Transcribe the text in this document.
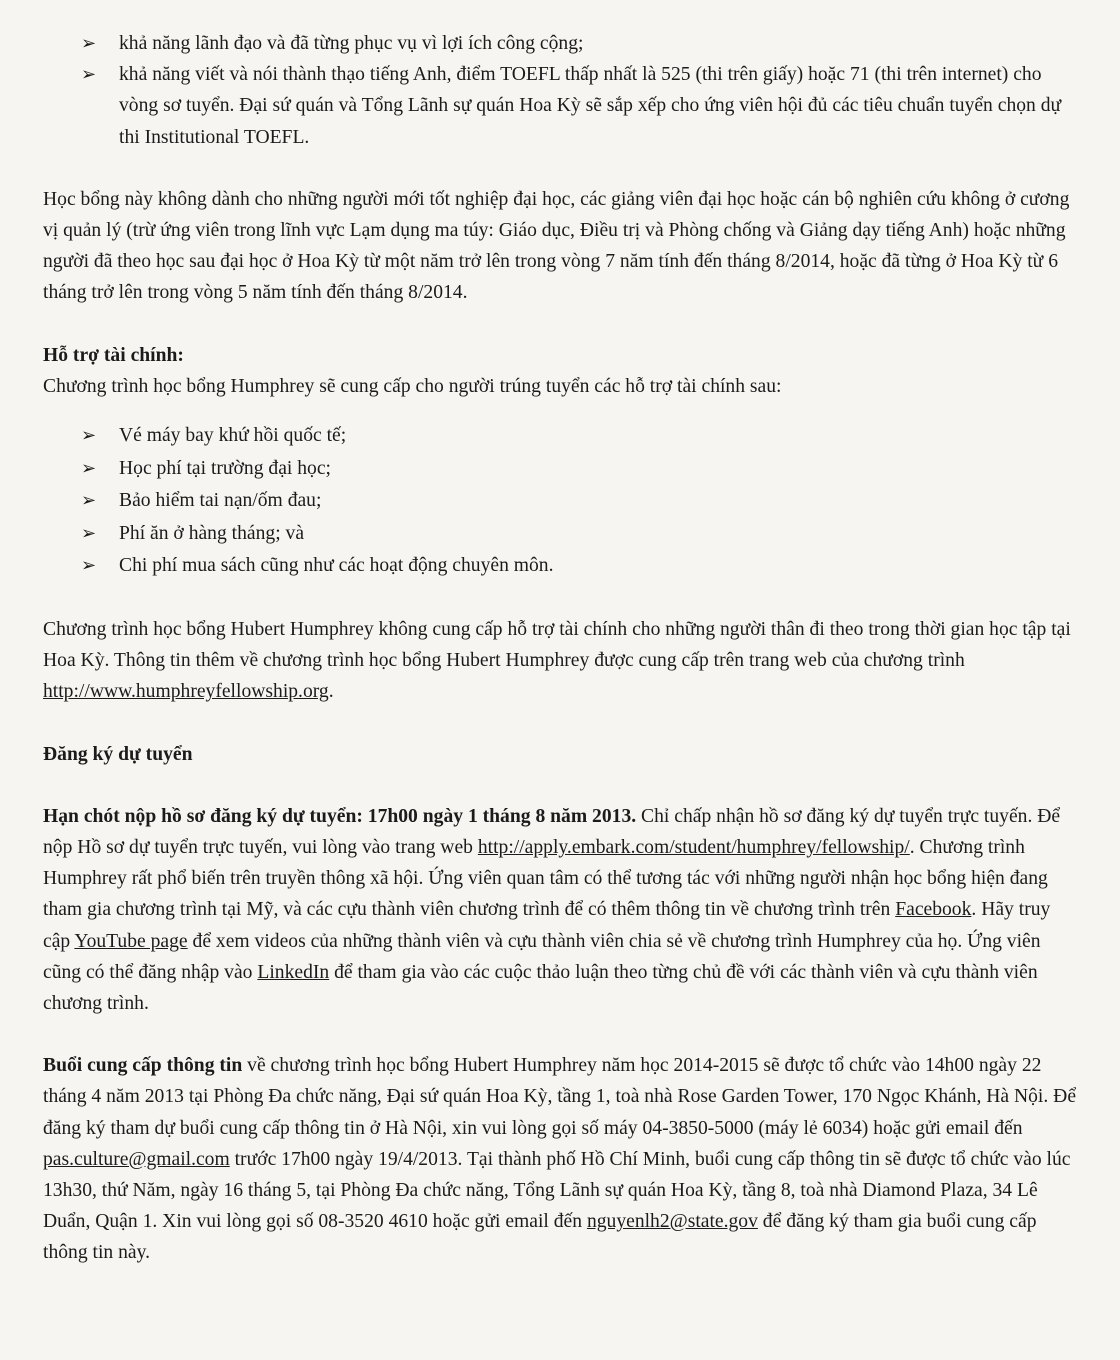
➢ khả năng lãnh đạo và đã từng phục vụ vì lợi ích công cộng;
➢ khả năng viết và nói thành thạo tiếng Anh, điểm TOEFL thấp nhất là 525 (thi trên giấy) hoặc 71 (thi trên internet) cho vòng sơ tuyển. Đại sứ quán và Tổng Lãnh sự quán Hoa Kỳ sẽ sắp xếp cho ứng viên hội đủ các tiêu chuẩn tuyển chọn dự thi Institutional TOEFL.

Học bổng này không dành cho những người mới tốt nghiệp đại học, các giảng viên đại học hoặc cán bộ nghiên cứu không ở cương vị quản lý (trừ ứng viên trong lĩnh vực Lạm dụng ma túy: Giáo dục, Điều trị và Phòng chống và Giảng dạy tiếng Anh) hoặc những người đã theo học sau đại học ở Hoa Kỳ từ một năm trở lên trong vòng 7 năm tính đến tháng 8/2014, hoặc đã từng ở Hoa Kỳ từ 6 tháng trở lên trong vòng 5 năm tính đến tháng 8/2014.

Hỗ trợ tài chính:

Chương trình học bổng Humphrey sẽ cung cấp cho người trúng tuyển các hỗ trợ tài chính sau:

➢ Vé máy bay khứ hồi quốc tế;
➢ Học phí tại trường đại học;
➢ Bảo hiểm tai nạn/ốm đau;
➢ Phí ăn ở hàng tháng; và
➢ Chi phí mua sách cũng như các hoạt động chuyên môn.

Chương trình học bổng Hubert Humphrey không cung cấp hỗ trợ tài chính cho những người thân đi theo trong thời gian học tập tại Hoa Kỳ. Thông tin thêm về chương trình học bổng Hubert Humphrey được cung cấp trên trang web của chương trình http://www.humphreyfellowship.org.

Đăng ký dự tuyển

Hạn chót nộp hồ sơ đăng ký dự tuyển: 17h00 ngày 1 tháng 8 năm 2013. Chỉ chấp nhận hồ sơ đăng ký dự tuyển trực tuyến. Để nộp Hồ sơ dự tuyển trực tuyến, vui lòng vào trang web http://apply.embark.com/student/humphrey/fellowship/. Chương trình Humphrey rất phổ biến trên truyền thông xã hội. Ứng viên quan tâm có thể tương tác với những người nhận học bổng hiện đang tham gia chương trình tại Mỹ, và các cựu thành viên chương trình để có thêm thông tin về chương trình trên Facebook. Hãy truy cập YouTube page để xem videos của những thành viên và cựu thành viên chia sẻ về chương trình Humphrey của họ. Ứng viên cũng có thể đăng nhập vào LinkedIn để tham gia vào các cuộc thảo luận theo từng chủ đề với các thành viên và cựu thành viên chương trình.

Buổi cung cấp thông tin về chương trình học bổng Hubert Humphrey năm học 2014-2015 sẽ được tổ chức vào 14h00 ngày 22 tháng 4 năm 2013 tại Phòng Đa chức năng, Đại sứ quán Hoa Kỳ, tầng 1, toà nhà Rose Garden Tower, 170 Ngọc Khánh, Hà Nội. Để đăng ký tham dự buổi cung cấp thông tin ở Hà Nội, xin vui lòng gọi số máy 04-3850-5000 (máy lẻ 6034) hoặc gửi email đến pas.culture@gmail.com trước 17h00 ngày 19/4/2013. Tại thành phố Hồ Chí Minh, buổi cung cấp thông tin sẽ được tổ chức vào lúc 13h30, thứ Năm, ngày 16 tháng 5, tại Phòng Đa chức năng, Tổng Lãnh sự quán Hoa Kỳ, tầng 8, toà nhà Diamond Plaza, 34 Lê Duẩn, Quận 1. Xin vui lòng gọi số 08-3520 4610 hoặc gửi email đến nguyenlh2@state.gov để đăng ký tham gia buổi cung cấp thông tin này.
